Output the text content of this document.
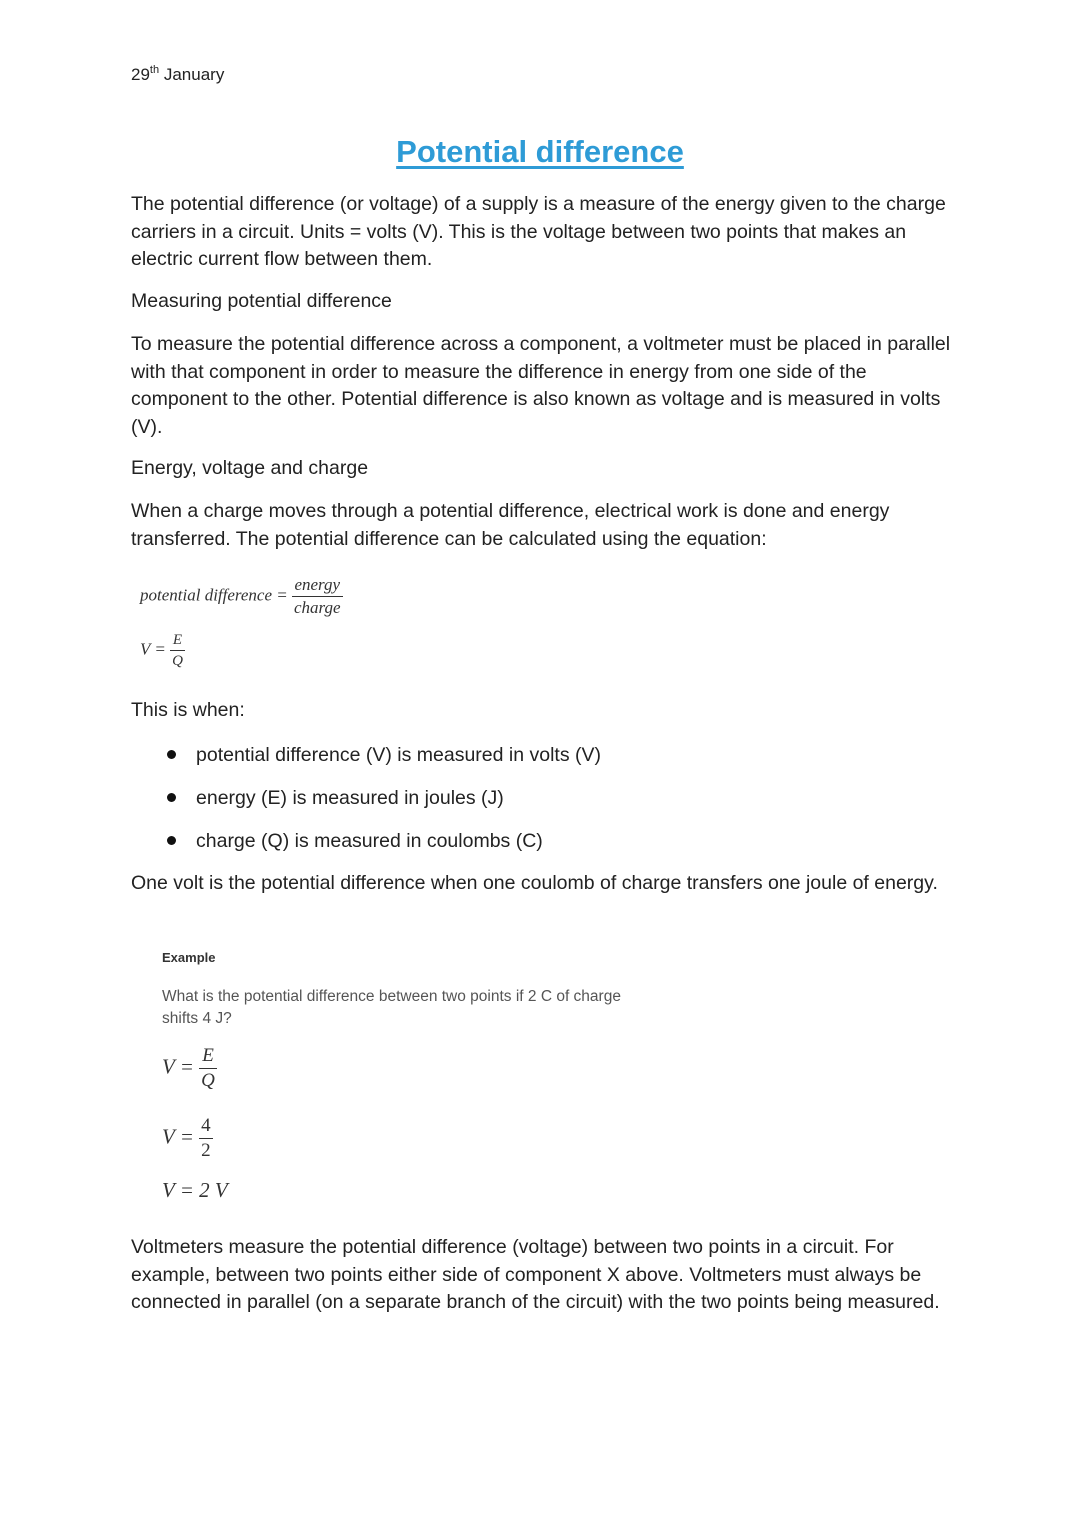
29th January
Potential difference
The potential difference (or voltage) of a supply is a measure of the energy given to the charge carriers in a circuit. Units = volts (V). This is the voltage between two points that makes an electric current flow between them.
Measuring potential difference
To measure the potential difference across a component, a voltmeter must be placed in parallel with that component in order to measure the difference in energy from one side of the component to the other. Potential difference is also known as voltage and is measured in volts (V).
Energy, voltage and charge
When a charge moves through a potential difference, electrical work is done and energy transferred. The potential difference can be calculated using the equation:
potential difference = $\frac{\text{energy}}{\text{charge}}$
$V = \frac{E}{Q}$
This is when:
potential difference (V) is measured in volts (V)
energy (E) is measured in joules (J)
charge (Q) is measured in coulombs (C)
One volt is the potential difference when one coulomb of charge transfers one joule of energy.
Example
What is the potential difference between two points if 2 C of charge shifts 4 J?
$V = \frac{E}{Q}$
$V = \frac{4}{2}$
V = 2 V
Voltmeters measure the potential difference (voltage) between two points in a circuit. For example, between two points either side of component X above. Voltmeters must always be connected in parallel (on a separate branch of the circuit) with the two points being measured.
